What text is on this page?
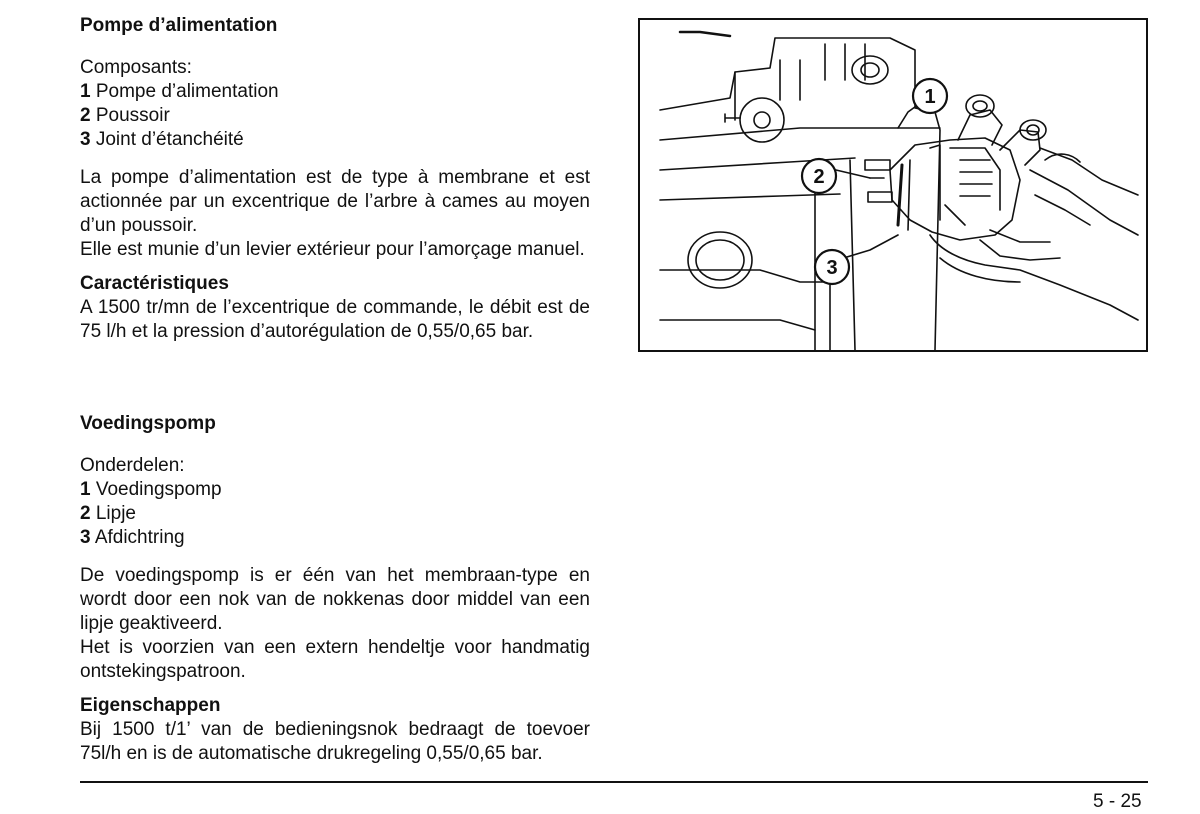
Pompe d’alimentation

Composants:

1 Pompe d’alimentation

2 Poussoir

3 Joint d’étanchéité

La pompe d’alimentation est de type à membrane et est actionnée par un excentrique de l’arbre à cames au moyen d’un poussoir.

Elle est munie d’un levier extérieur pour l’amorçage manuel.

Caractéristiques

A 1500 tr/mn de l’excentrique de commande, le débit est de 75 l/h et la pression d’autorégulation de 0,55/0,65 bar.

Voedingspomp

Onderdelen:

1 Voedingspomp

2 Lipje

3 Afdichtring

De voedingspomp is er één van het membraan-type en wordt door een nok van de nokkenas door middel van een lipje geaktiveerd.

Het is voorzien van een extern hendeltje voor handmatig ontstekingspatroon.

Eigenschappen

Bij 1500 t/1’ van de bedieningsnok bedraagt de toevoer 75l/h en is de automatische drukregeling 0,55/0,65 bar.

1
2
3
5 - 25
